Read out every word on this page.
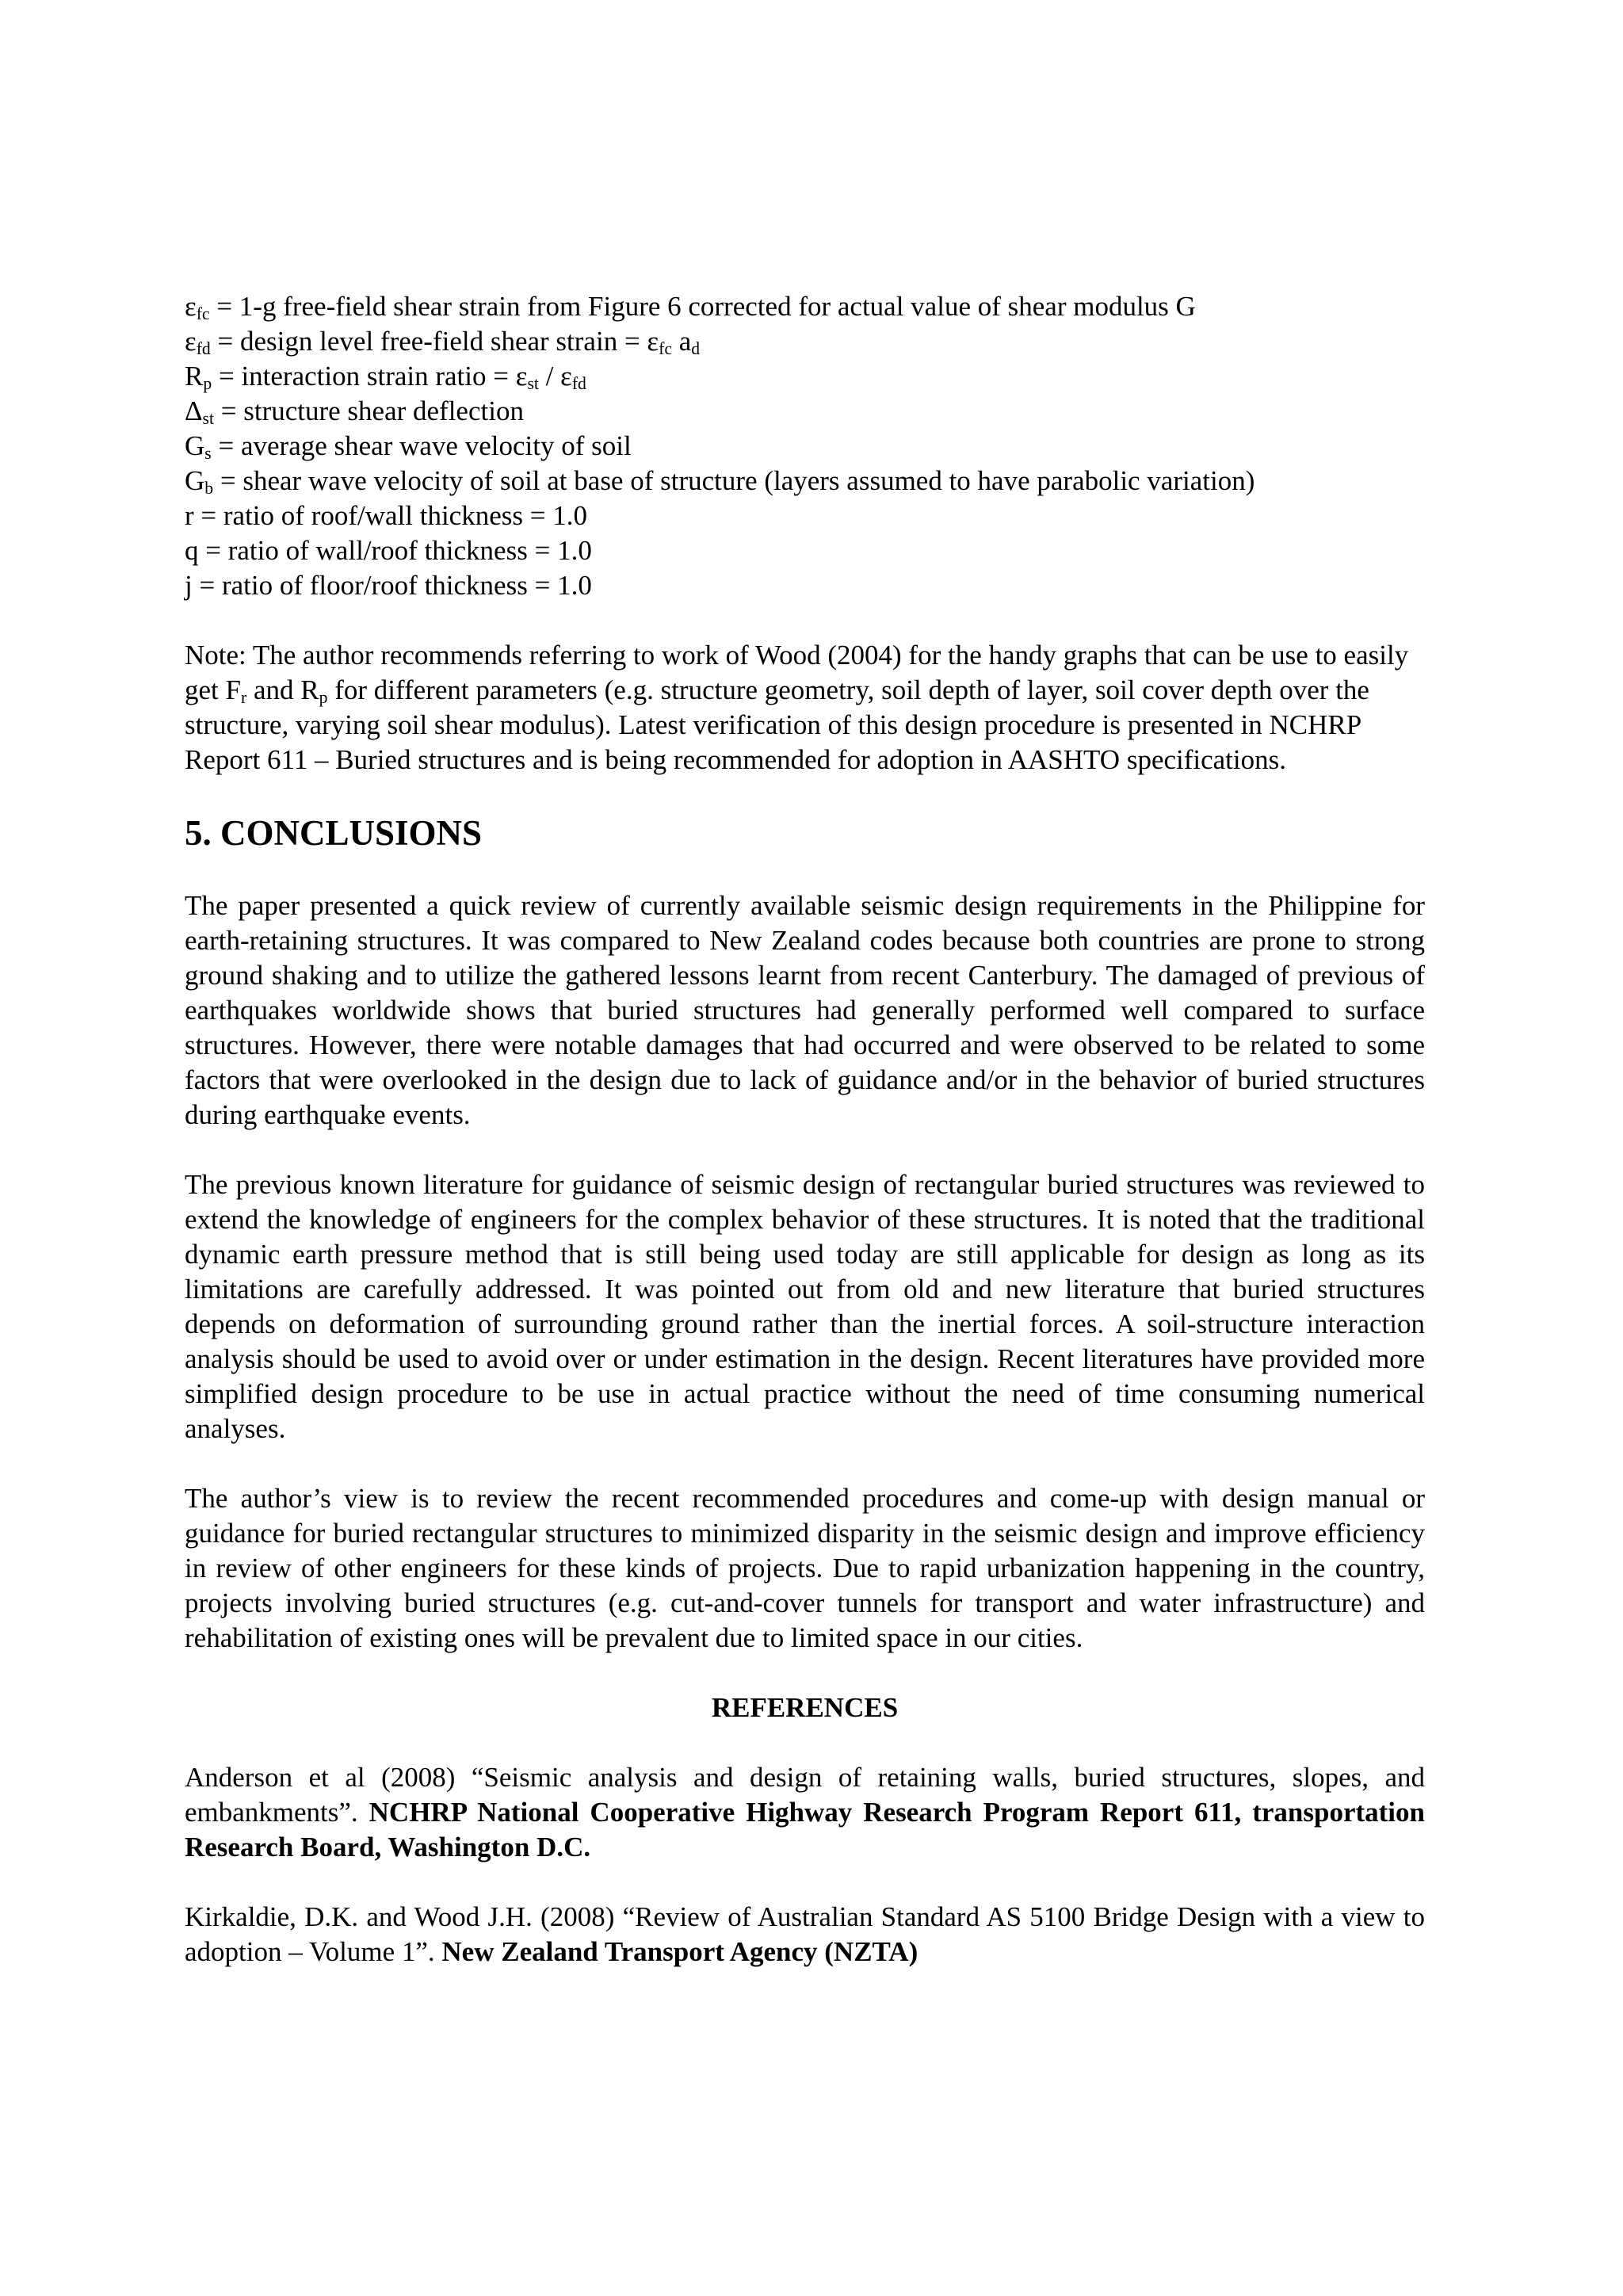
$\varepsilon_{fc} = 1-g$ free-field shear strain from Figure 6 corrected for actual value of shear modulus G
$\varepsilon_{fd}$ = design level free-field shear strain = $\varepsilon_{fc}$ $a_d$
$R_p$ = interaction strain ratio = $\varepsilon_{st} / \varepsilon_{fd}$
$\Delta_{st}$ = structure shear deflection
$G_s$ = average shear wave velocity of soil
$G_b$ = shear wave velocity of soil at base of structure (layers assumed to have parabolic variation)
r = ratio of roof/wall thickness = 1.0
q = ratio of wall/roof thickness = 1.0
j = ratio of floor/roof thickness = 1.0

Note: The author recommends referring to work of Wood (2004) for the handy graphs that can be use to easily get $F_r$ and $R_p$ for different parameters (e.g. structure geometry, soil depth of layer, soil cover depth over the structure, varying soil shear modulus). Latest verification of this design procedure is presented in NCHRP Report 611 – Buried structures and is being recommended for adoption in AASHTO specifications.

5. CONCLUSIONS

The paper presented a quick review of currently available seismic design requirements in the Philippine for earth-retaining structures. It was compared to New Zealand codes because both countries are prone to strong ground shaking and to utilize the gathered lessons learnt from recent Canterbury. The damaged of previous of earthquakes worldwide shows that buried structures had generally performed well compared to surface structures. However, there were notable damages that had occurred and were observed to be related to some factors that were overlooked in the design due to lack of guidance and/or in the behavior of buried structures during earthquake events.

The previous known literature for guidance of seismic design of rectangular buried structures was reviewed to extend the knowledge of engineers for the complex behavior of these structures. It is noted that the traditional dynamic earth pressure method that is still being used today are still applicable for design as long as its limitations are carefully addressed. It was pointed out from old and new literature that buried structures depends on deformation of surrounding ground rather than the inertial forces. A soil-structure interaction analysis should be used to avoid over or under estimation in the design. Recent literatures have provided more simplified design procedure to be use in actual practice without the need of time consuming numerical analyses.

The author’s view is to review the recent recommended procedures and come-up with design manual or guidance for buried rectangular structures to minimized disparity in the seismic design and improve efficiency in review of other engineers for these kinds of projects. Due to rapid urbanization happening in the country, projects involving buried structures (e.g. cut-and-cover tunnels for transport and water infrastructure) and rehabilitation of existing ones will be prevalent due to limited space in our cities.

REFERENCES

Anderson et al (2008) “Seismic analysis and design of retaining walls, buried structures, slopes, and embankments”. NCHRP National Cooperative Highway Research Program Report 611, transportation Research Board, Washington D.C.

Kirkaldie, D.K. and Wood J.H. (2008) “Review of Australian Standard AS 5100 Bridge Design with a view to adoption – Volume 1”. New Zealand Transport Agency (NZTA)
